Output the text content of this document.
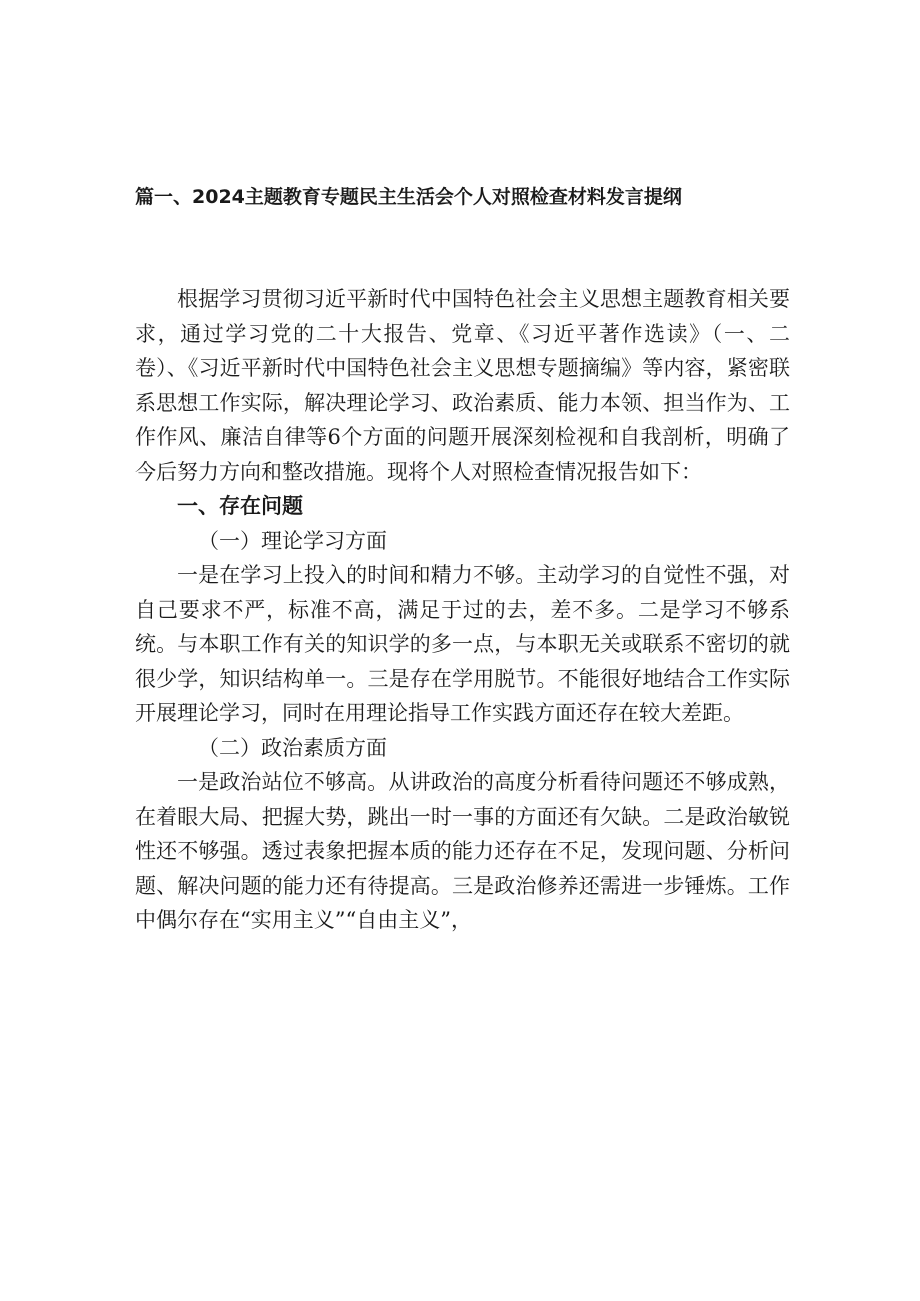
篇一、2024主题教育专题民主生活会个人对照检查材料发言提纲

根据学习贯彻习近平新时代中国特色社会主义思想主题教育相关要求，通过学习党的二十大报告、党章、《习近平著作选读》（一、二卷）、《习近平新时代中国特色社会主义思想专题摘编》等内容，紧密联系思想工作实际，解决理论学习、政治素质、能力本领、担当作为、工作作风、廉洁自律等6个方面的问题开展深刻检视和自我剖析，明确了今后努力方向和整改措施。现将个人对照检查情况报告如下：

一、存在问题

（一）理论学习方面

一是在学习上投入的时间和精力不够。主动学习的自觉性不强，对自己要求不严，标准不高，满足于过的去，差不多。二是学习不够系统。与本职工作有关的知识学的多一点，与本职无关或联系不密切的就很少学，知识结构单一。三是存在学用脱节。不能很好地结合工作实际开展理论学习，同时在用理论指导工作实践方面还存在较大差距。

（二）政治素质方面

一是政治站位不够高。从讲政治的高度分析看待问题还不够成熟，在着眼大局、把握大势，跳出一时一事的方面还有欠缺。二是政治敏锐性还不够强。透过表象把握本质的能力还存在不足，发现问题、分析问题、解决问题的能力还有待提高。三是政治修养还需进一步锤炼。工作中偶尔存在“实用主义”“自由主义”，
